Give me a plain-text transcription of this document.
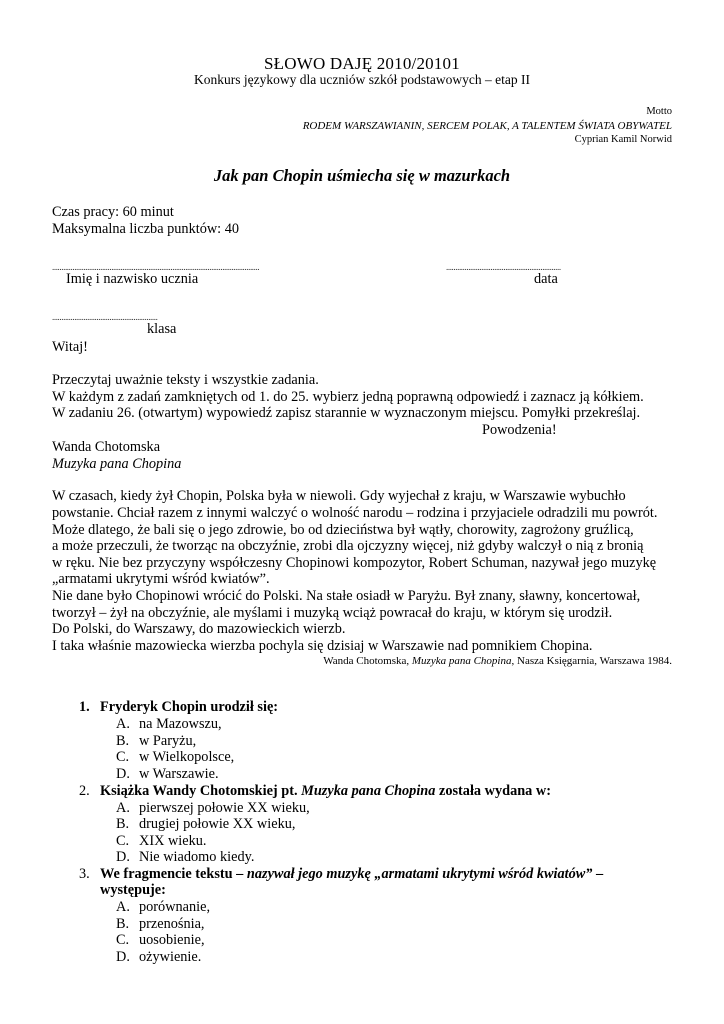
SŁOWO DAJĘ 2010/20101
Konkurs językowy dla uczniów szkół podstawowych – etap II
Motto
RODEM WARSZAWIANIN, SERCEM POLAK, A TALENTEM ŚWIATA OBYWATEL
Cyprian Kamil Norwid
Jak pan Chopin uśmiecha się w mazurkach
Czas pracy: 60 minut
Maksymalna liczba punktów: 40
................................................................................................................
Imię i nazwisko ucznia
..............................................................
data
.........................................................
klasa
Witaj!
Przeczytaj uważnie teksty i wszystkie zadania.
W każdym z zadań zamkniętych od 1. do 25. wybierz jedną poprawną odpowiedź i zaznacz ją kółkiem.
W zadaniu 26. (otwartym) wypowiedź zapisz starannie w wyznaczonym miejscu. Pomyłki przekreślaj.
Powodzenia!
Wanda Chotomska
Muzyka pana Chopina
W czasach, kiedy żył Chopin, Polska była w niewoli. Gdy wyjechał z kraju, w Warszawie wybuchło
powstanie. Chciał razem z innymi walczyć o wolność narodu – rodzina i przyjaciele odradzili mu powrót.
Może dlatego, że bali się o jego zdrowie, bo od dzieciństwa był wątły, chorowity, zagrożony gruźlicą,
a może przeczuli, że tworząc na obczyźnie, zrobi dla ojczyzny więcej, niż gdyby walczył o nią z bronią
w ręku. Nie bez przyczyny współczesny Chopinowi kompozytor, Robert Schuman, nazywał jego muzykę
„armatami ukrytymi wśród kwiatów”.
Nie dane było Chopinowi wrócić do Polski. Na stałe osiadł w Paryżu. Był znany, sławny, koncertował,
tworzył – żył na obczyźnie, ale myślami i muzyką wciąż powracał do kraju, w którym się urodził.
Do Polski, do Warszawy, do mazowieckich wierzb.
I taka właśnie mazowiecka wierzba pochyla się dzisiaj w Warszawie nad pomnikiem Chopina.
Wanda Chotomska, Muzyka pana Chopina, Nasza Księgarnia, Warszawa 1984.
1. Fryderyk Chopin urodził się:
A. na Mazowszu,
B. w Paryżu,
C. w Wielkopolsce,
D. w Warszawie.
2. Książka Wandy Chotomskiej pt. Muzyka pana Chopina została wydana w:
A. pierwszej połowie XX wieku,
B. drugiej połowie XX wieku,
C. XIX wieku.
D. Nie wiadomo kiedy.
3. We fragmencie tekstu – nazywał jego muzykę „armatami ukrytymi wśród kwiatów” –
występuje:
A. porównanie,
B. przenośnia,
C. uosobienie,
D. ożywienie.
